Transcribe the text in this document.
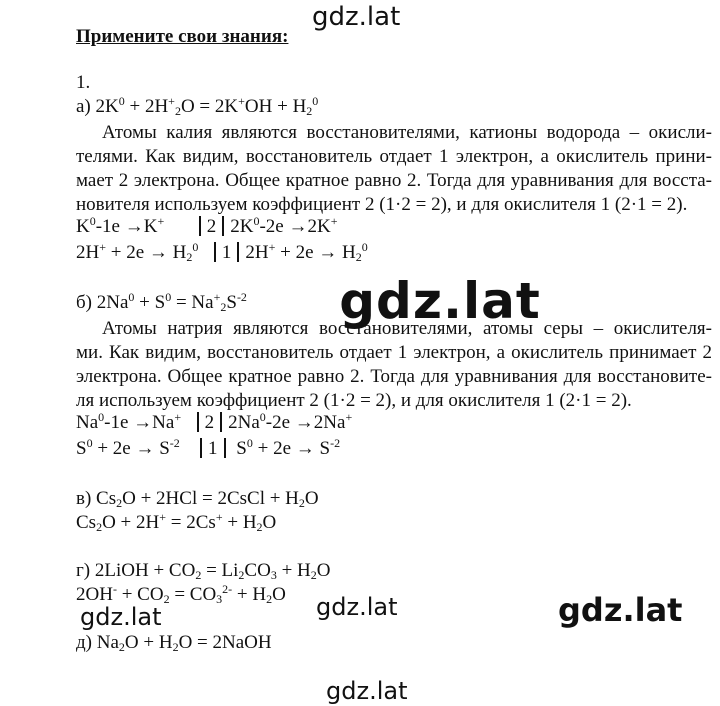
gdz.lat
Примените свои знания:
1.
а) $2K^0 + 2H^+_2O = 2K^+OH + H_2^0$
Атомы калия являются восстановителями, катионы водорода – окисли-
телями. Как видим, восстановитель отдает 1 электрон, а окислитель прини-
мает 2 электрона. Общее кратное равно 2. Тогда для уравнивания для восста-
новителя используем коэффициент 2 (1·2 = 2), и для окислителя 1 (2·1 = 2).
$K^0-1e \to K^+$ 2 $2K^0-2e \to 2K^+$
$2H^+ + 2e \to H_2^0$ 1 $2H^+ + 2e \to H_2^0$
б) $2Na^0 + S^0 = Na^+_2S^{-2}$
Атомы натрия являются восстановителями, атомы серы – окислителя-
ми. Как видим, восстановитель отдает 1 электрон, а окислитель принимает 2
электрона. Общее кратное равно 2. Тогда для уравнивания для восстановите-
ля используем коэффициент 2 (1·2 = 2), и для окислителя 1 (2·1 = 2).
$Na^0-1e \to Na^+$ 2 $2Na^0-2e \to 2Na^+$
$S^0 + 2e \to S^{-2}$ 1 $S^0 + 2e \to S^{-2}$
в) $Cs_2O + 2HCl$ = 2CsCl + $H_2O$
$Cs_2O + 2H^+ = 2Cs^+ + H_2O$
г) 2LiOH + $CO_2 = Li_2CO_3 + H_2O$
$2OH^- + CO_2 = CO_3^{2-} + H_2O$
д) $Na_2O + H_2O$ = 2NaOH
gdz.lat
gdz.lat	gdz.lat	gdz.lat
gdz.lat
